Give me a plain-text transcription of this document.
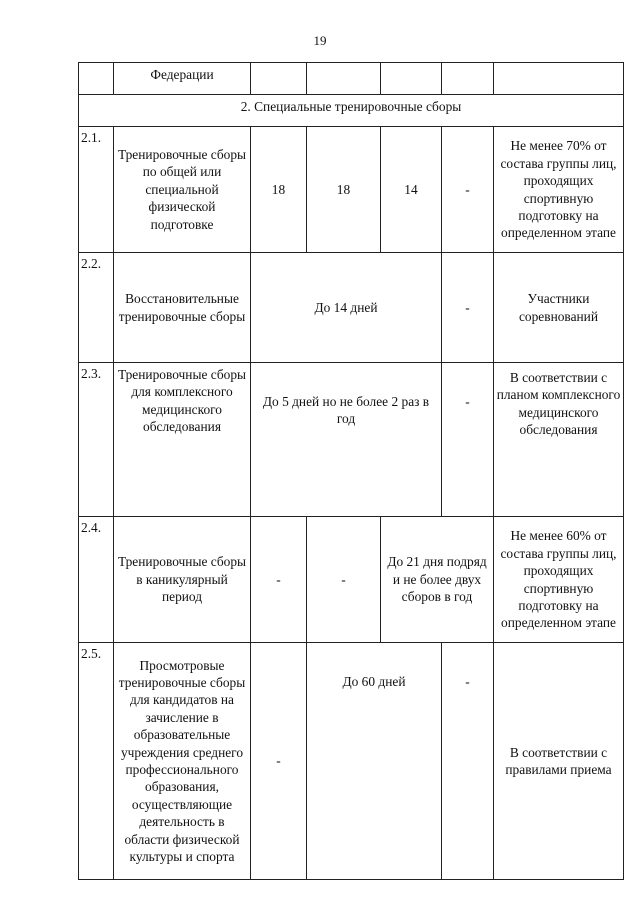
19
	Федерации					
2. Специальные тренировочные сборы						
2.1.	Тренировочные сборы по общей или специальной физической подготовке	18	18	14	-	Не менее 70% от состава группы лиц, проходящих спортивную подготовку на определенном этапе
2.2.	Восстановительные тренировочные сборы	До 14 дней			-	Участники соревнований
2.3.	Тренировочные сборы для комплексного медицинского обследования	До 5 дней но не более 2 раз в год			-	В соответствии с планом комплексного медицинского обследования
2.4.	Тренировочные сборы в каникулярный период	-	-	До 21 дня подряд и не более двух сборов в год		Не менее 60% от состава группы лиц, проходящих спортивную подготовку на определенном этапе
2.5.	Просмотровые тренировочные сборы для кандидатов на зачисление в образовательные учреждения среднего профессионального образования, осуществляющие деятельность в области физической культуры и спорта	-	До 60 дней		-	В соответствии с правилами приема
